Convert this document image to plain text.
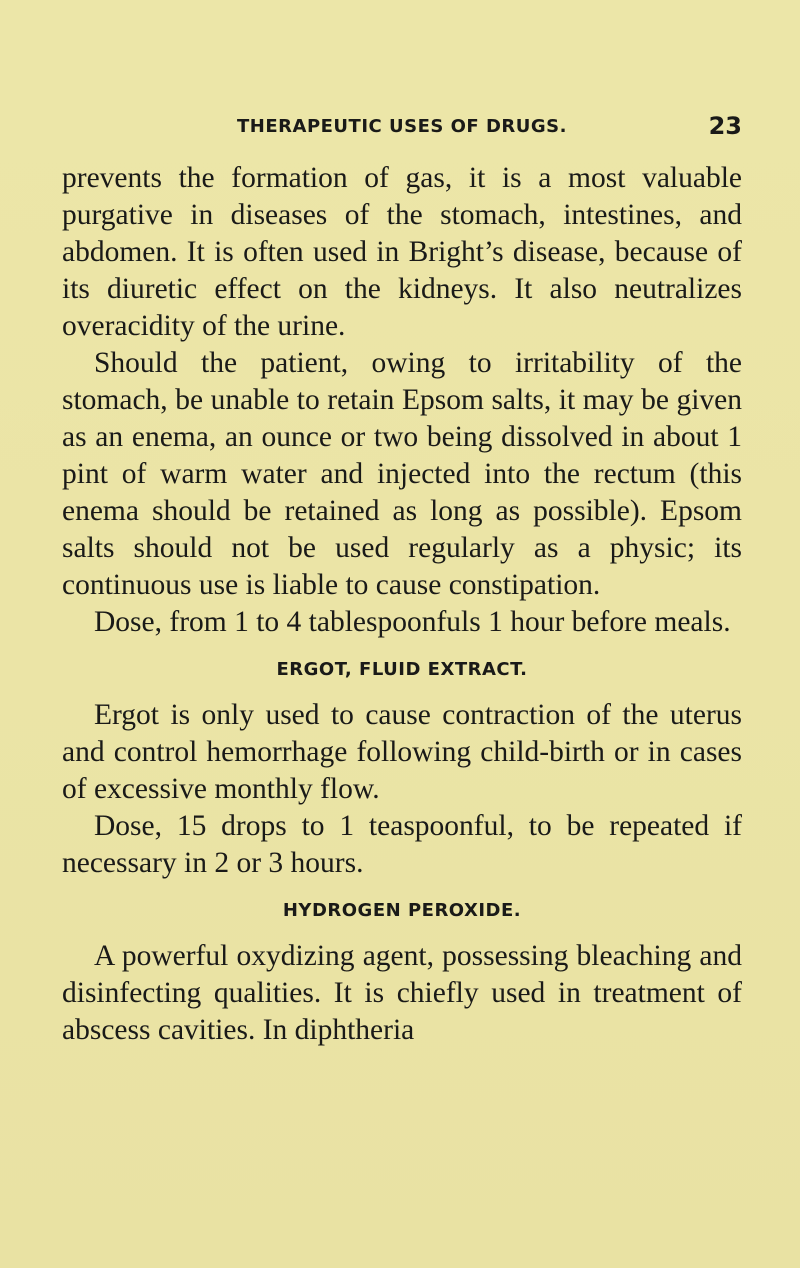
THERAPEUTIC USES OF DRUGS.	23

prevents the formation of gas, it is a most valuable purgative in diseases of the stomach, intestines, and abdomen. It is often used in Bright’s disease, because of its diuretic effect on the kidneys. It also neutralizes overacidity of the urine.

Should the patient, owing to irritability of the stomach, be unable to retain Epsom salts, it may be given as an enema, an ounce or two being dissolved in about 1 pint of warm water and injected into the rectum (this enema should be retained as long as possible). Epsom salts should not be used regularly as a physic; its continuous use is liable to cause constipation.

Dose, from 1 to 4 tablespoonfuls 1 hour before meals.

ERGOT, FLUID EXTRACT.

Ergot is only used to cause contraction of the uterus and control hemorrhage following child-birth or in cases of excessive monthly flow.

Dose, 15 drops to 1 teaspoonful, to be repeated if necessary in 2 or 3 hours.

HYDROGEN PEROXIDE.

A powerful oxydizing agent, possessing bleaching and disinfecting qualities. It is chiefly used in treatment of abscess cavities. In diphtheria
